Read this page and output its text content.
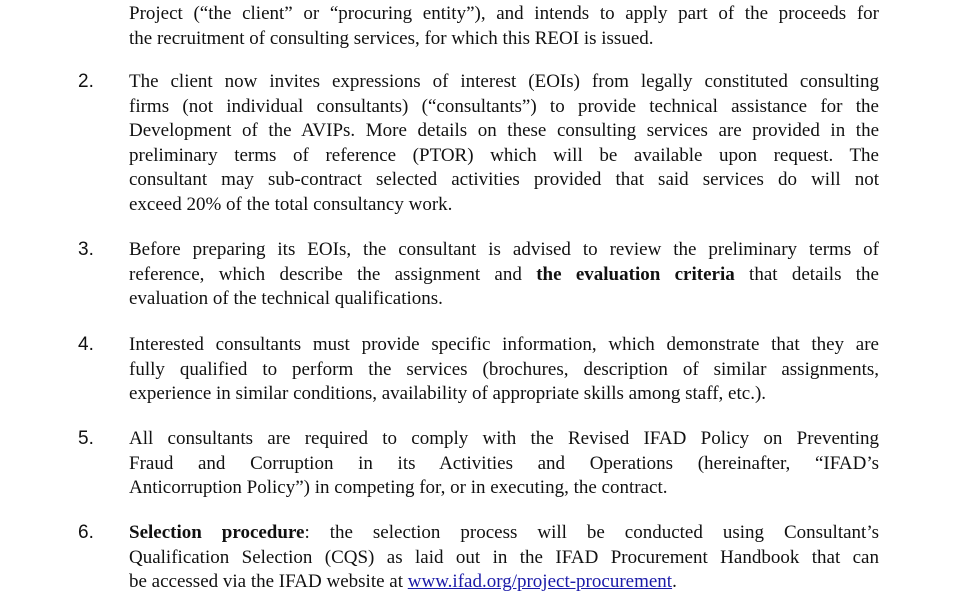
Project (“the client” or “procuring entity”), and intends to apply part of the proceeds for
the recruitment of consulting services, for which this REOI is issued.
2. The client now invites expressions of interest (EOIs) from legally constituted consulting
firms (not individual consultants) (“consultants”) to provide technical assistance for the
Development of the AVIPs. More details on these consulting services are provided in the
preliminary terms of reference (PTOR) which will be available upon request. The
consultant may sub-contract selected activities provided that said services do will not
exceed 20% of the total consultancy work.
3. Before preparing its EOIs, the consultant is advised to review the preliminary terms of
reference, which describe the assignment and the evaluation criteria that details the
evaluation of the technical qualifications.
4. Interested consultants must provide specific information, which demonstrate that they are
fully qualified to perform the services (brochures, description of similar assignments,
experience in similar conditions, availability of appropriate skills among staff, etc.).
5. All consultants are required to comply with the Revised IFAD Policy on Preventing
Fraud and Corruption in its Activities and Operations (hereinafter, “IFAD’s
Anticorruption Policy”) in competing for, or in executing, the contract.
6. Selection procedure: the selection process will be conducted using Consultant’s
Qualification Selection (CQS) as laid out in the IFAD Procurement Handbook that can
be accessed via the IFAD website at www.ifad.org/project-procurement.
